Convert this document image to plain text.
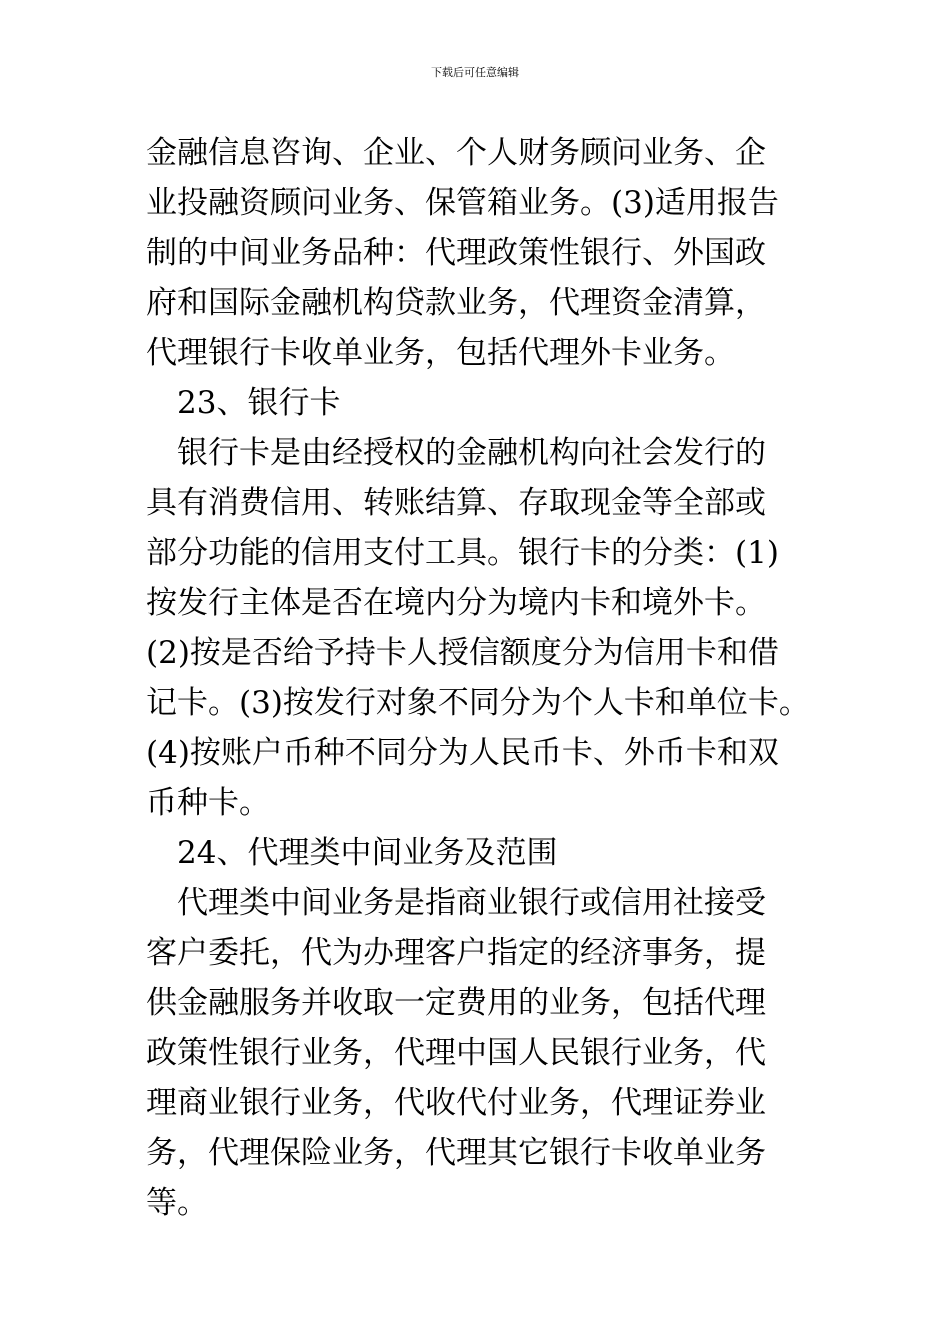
下载后可任意编辑
金融信息咨询、企业、个人财务顾问业务、企
业投融资顾问业务、保管箱业务。(3)适用报告
制的中间业务品种：代理政策性银行、外国政
府和国际金融机构贷款业务，代理资金清算，
代理银行卡收单业务，包括代理外卡业务。
23、银行卡
银行卡是由经授权的金融机构向社会发行的
具有消费信用、转账结算、存取现金等全部或
部分功能的信用支付工具。银行卡的分类：(1)
按发行主体是否在境内分为境内卡和境外卡。
(2)按是否给予持卡人授信额度分为信用卡和借
记卡。(3)按发行对象不同分为个人卡和单位卡。
(4)按账户币种不同分为人民币卡、外币卡和双
币种卡。
24、代理类中间业务及范围
代理类中间业务是指商业银行或信用社接受
客户委托，代为办理客户指定的经济事务，提
供金融服务并收取一定费用的业务，包括代理
政策性银行业务，代理中国人民银行业务，代
理商业银行业务，代收代付业务，代理证券业
务，代理保险业务，代理其它银行卡收单业务
等。
